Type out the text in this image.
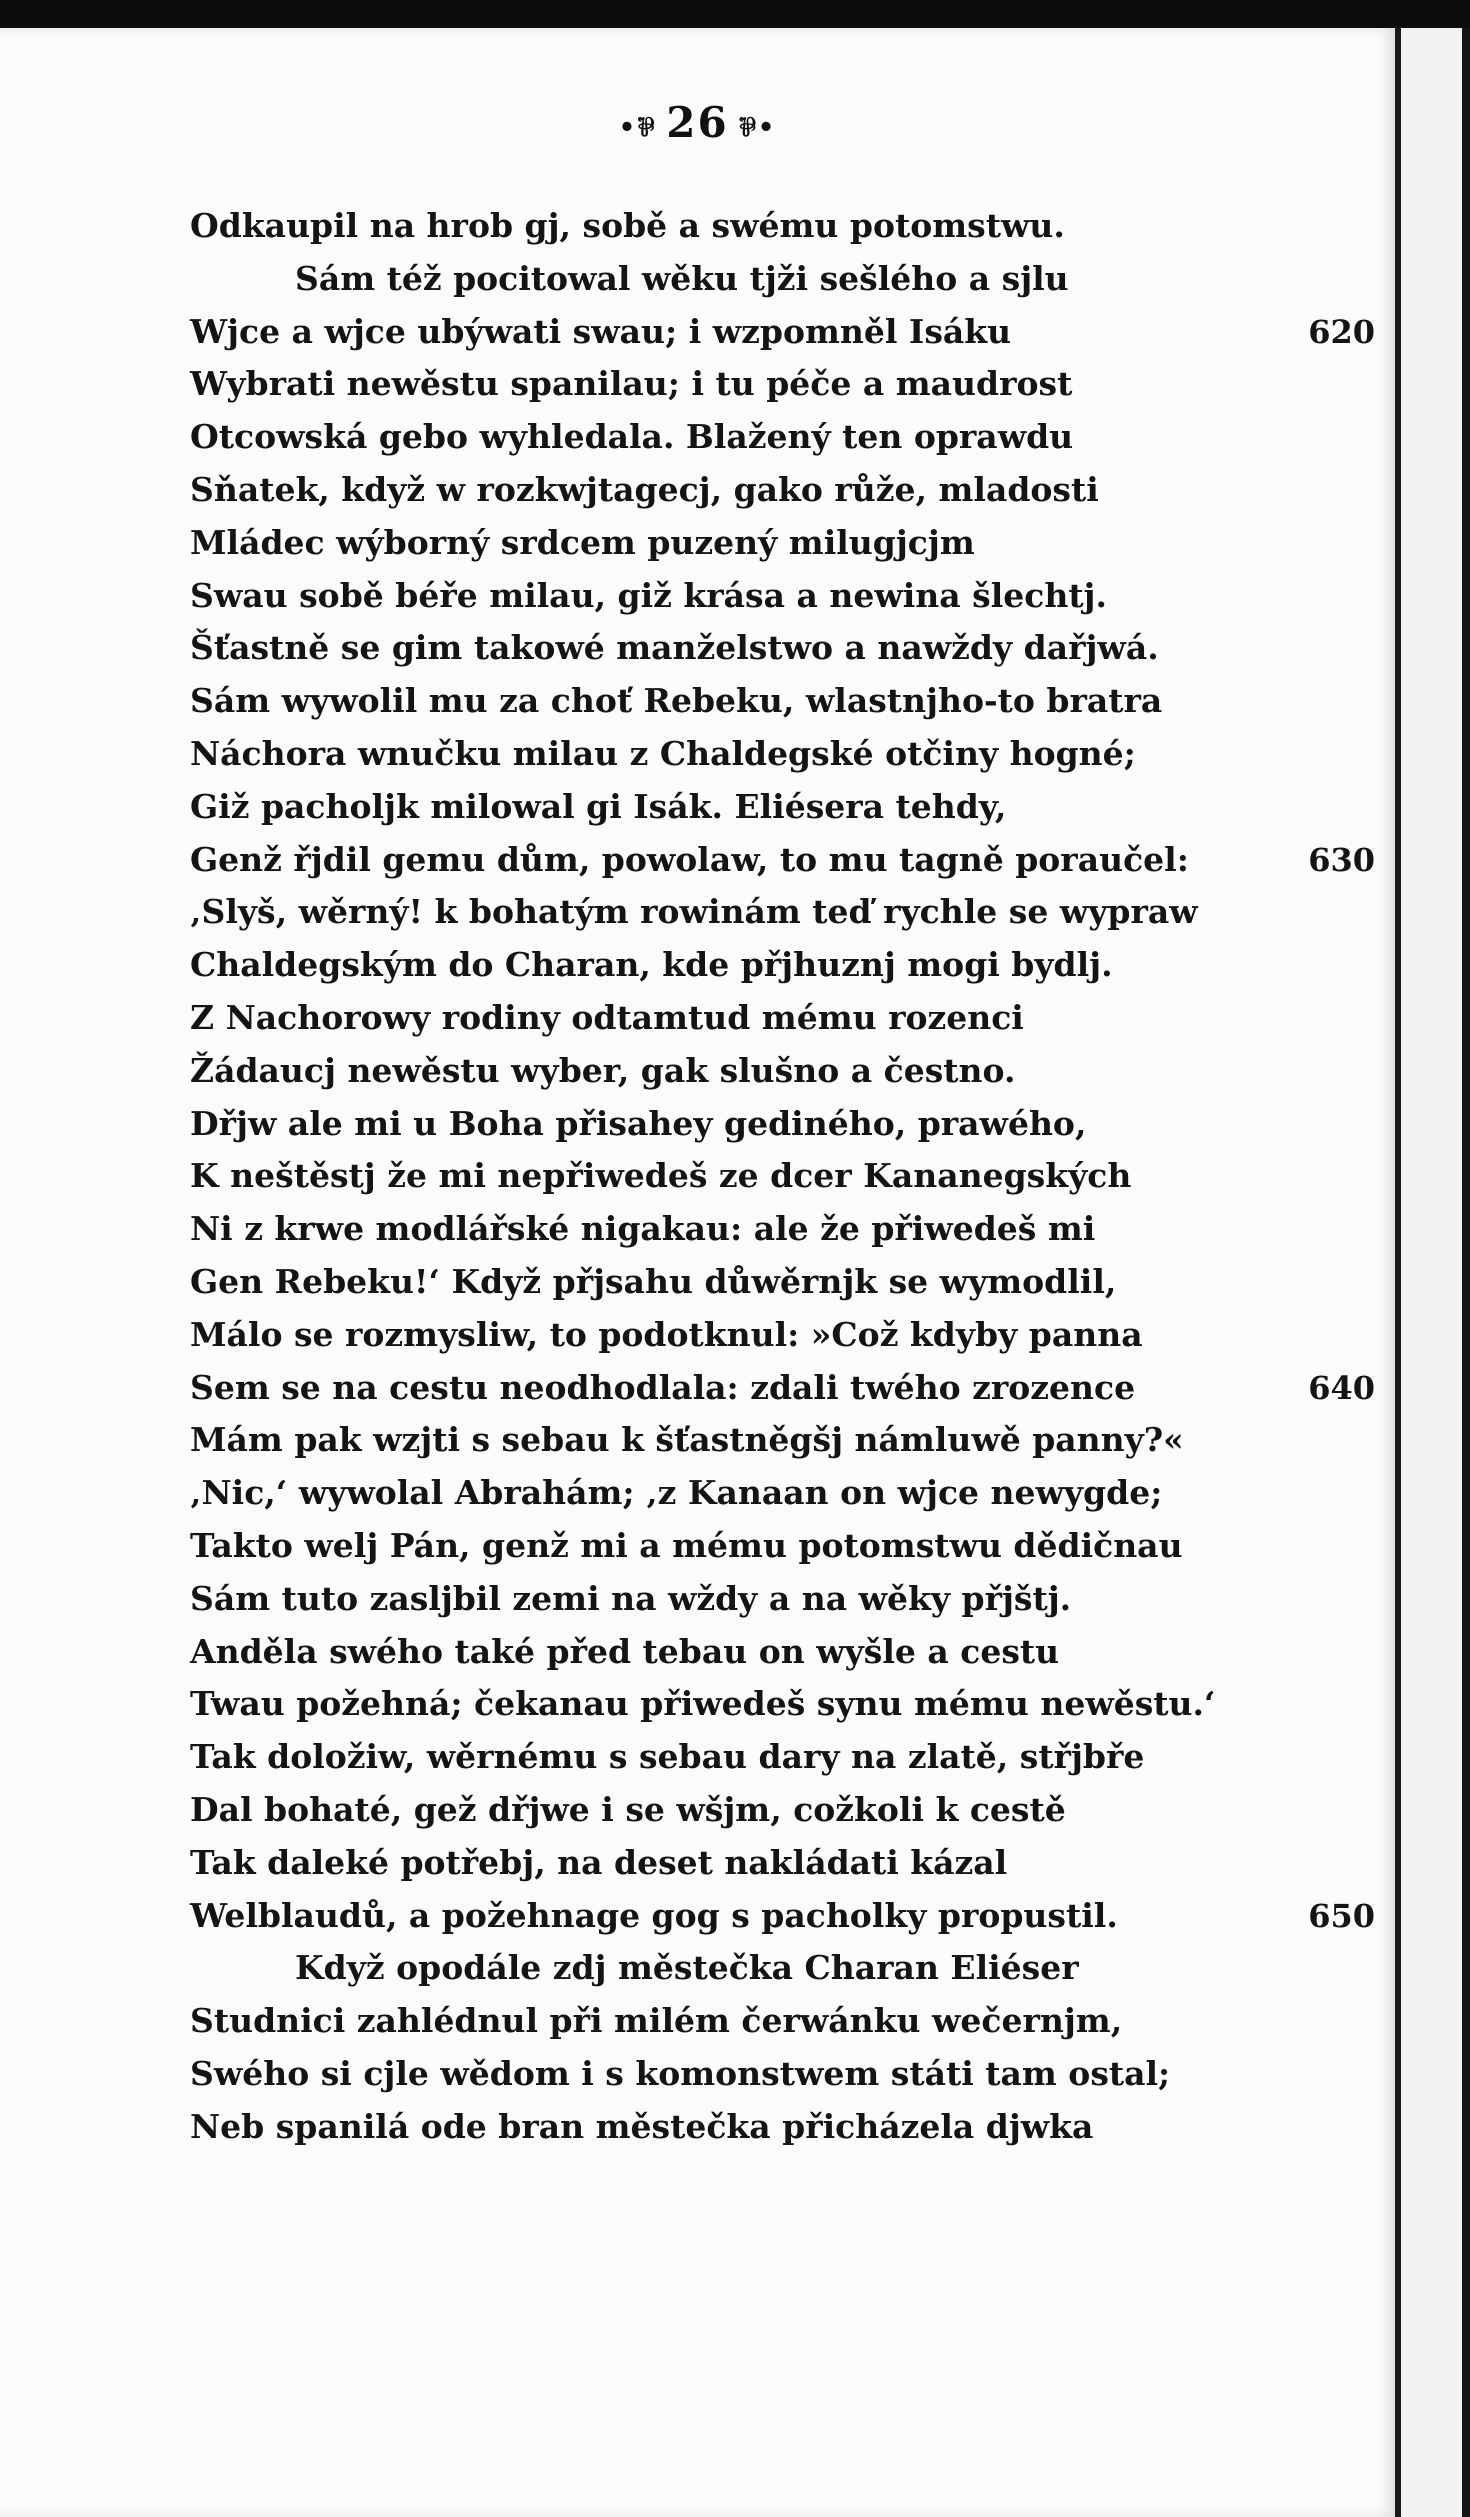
•⅌ 26 ⅌•
Odkaupil na hrob gj, sobě a swému potomstwu.
Sám též pocitowal wěku tjži sešlého a sjlu
Wjce a wjce ubýwati swau; i wzpomněl Isáku	620
Wybrati newěstu spanilau; i tu péče a maudrost
Otcowská gebo wyhledala. Blažený ten oprawdu
Sňatek, když w rozkwjtagecj, gako růže, mladosti
Mládec wýborný srdcem puzený milugjcjm
Swau sobě béře milau, giž krása a newina šlechtj.
Šťastně se gim takowé manželstwo a nawždy dařjwá.
Sám wywolil mu za choť Rebeku, wlastnjho-to bratra
Náchora wnučku milau z Chaldegské otčiny hogné;
Giž pacholjk milowal gi Isák. Eliésera tehdy,
Genž řjdil gemu dům, powolaw, to mu tagně poraučel:	630
‚Slyš, wěrný! k bohatým rowinám teď rychle se wypraw
Chaldegským do Charan, kde přjhuznj mogi bydlj.
Z Nachorowy rodiny odtamtud mému rozenci
Žádaucj newěstu wyber, gak slušno a čestno.
Dřjw ale mi u Boha přisahey gediného, prawého,
K neštěstj že mi nepřiwedeš ze dcer Kananegských
Ni z krwe modlářské nigakau: ale že přiwedeš mi
Gen Rebeku!‘ Když přjsahu důwěrnjk se wymodlil,
Málo se rozmysliw, to podotknul: »Což kdyby panna
Sem se na cestu neodhodlala: zdali twého zrozence	640
Mám pak wzjti s sebau k šťastněgšj námluwě panny?«
‚Nic,‘ wywolal Abrahám; ‚z Kanaan on wjce newygde;
Takto welj Pán, genž mi a mému potomstwu dědičnau
Sám tuto zasljbil zemi na wždy a na wěky přjštj.
Anděla swého také před tebau on wyšle a cestu
Twau požehná; čekanau přiwedeš synu mému newěstu.‘
Tak doložiw, wěrnému s sebau dary na zlatě, střjbře
Dal bohaté, gež dřjwe i se wšjm, cožkoli k cestě
Tak daleké potřebj, na deset nakládati kázal
Welblaudů, a požehnage gog s pacholky propustil.	650
Když opodále zdj městečka Charan Eliéser
Studnici zahlédnul při milém čerwánku wečernjm,
Swého si cjle wědom i s komonstwem státi tam ostal;
Neb spanilá ode bran městečka přicházela djwka
